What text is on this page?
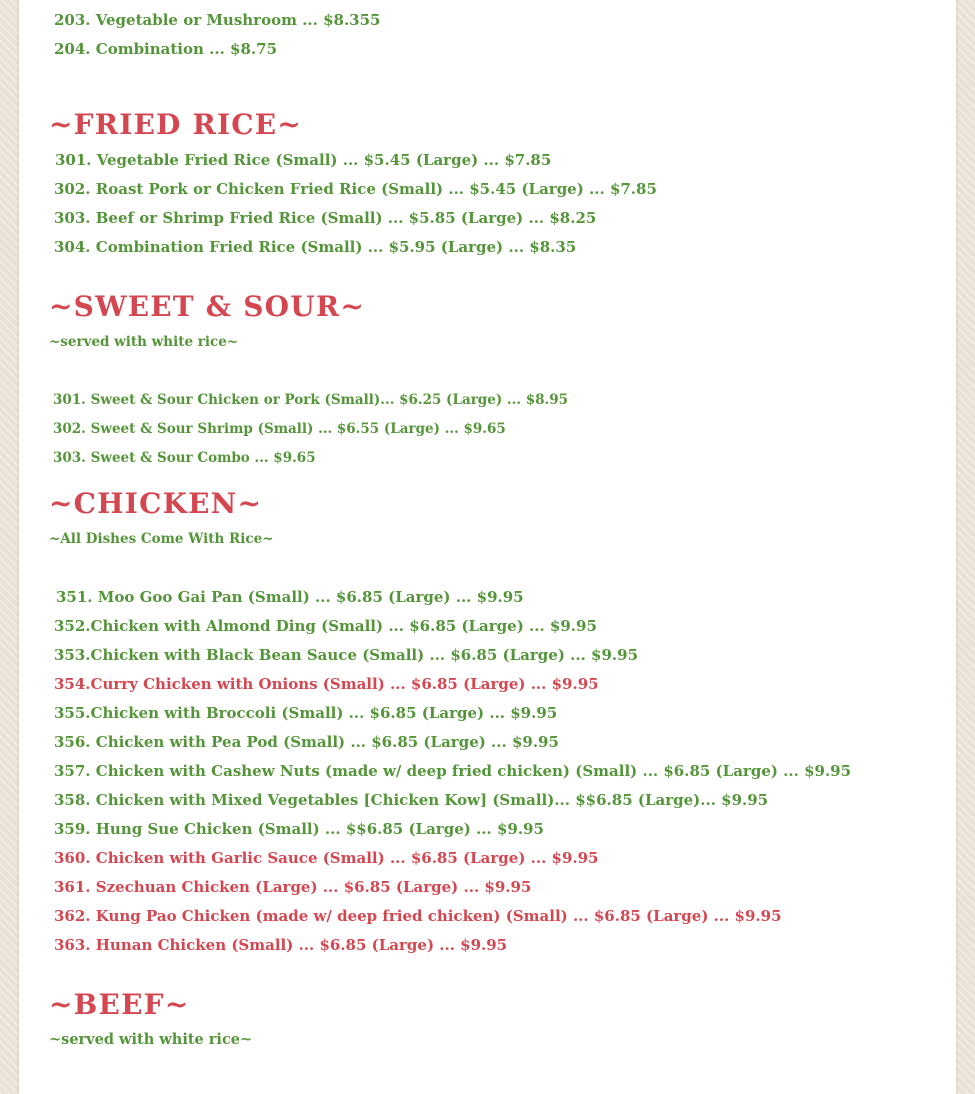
203. Vegetable or Mushroom ... $8.355
204. Combination ... $8.75
~FRIED RICE~
301. Vegetable Fried Rice (Small) ... $5.45 (Large) ... $7.85
302. Roast Pork or Chicken Fried Rice (Small) ... $5.45 (Large) ... $7.85
303. Beef or Shrimp Fried Rice (Small) ... $5.85 (Large) ... $8.25
304. Combination Fried Rice (Small) ... $5.95 (Large) ... $8.35
~SWEET & SOUR~
~served with white rice~
301. Sweet & Sour Chicken or Pork (Small)... $6.25 (Large) ... $8.95
302. Sweet & Sour Shrimp (Small) ... $6.55 (Large) ... $9.65
303. Sweet & Sour Combo ... $9.65
~CHICKEN~
~All Dishes Come With Rice~
351. Moo Goo Gai Pan (Small) ... $6.85 (Large) ... $9.95
352.Chicken with Almond Ding (Small) ... $6.85 (Large) ... $9.95
353.Chicken with Black Bean Sauce (Small) ... $6.85 (Large) ... $9.95
354.Curry Chicken with Onions (Small) ... $6.85 (Large) ... $9.95
355.Chicken with Broccoli (Small) ... $6.85 (Large) ... $9.95
356. Chicken with Pea Pod (Small) ... $6.85 (Large) ... $9.95
357. Chicken with Cashew Nuts (made w/ deep fried chicken) (Small) ... $6.85 (Large) ... $9.95
358. Chicken with Mixed Vegetables [Chicken Kow] (Small)... $$6.85 (Large)... $9.95
359. Hung Sue Chicken (Small) ... $$6.85 (Large) ... $9.95
360. Chicken with Garlic Sauce (Small) ... $6.85 (Large) ... $9.95
361. Szechuan Chicken (Large) ... $6.85 (Large) ... $9.95
362. Kung Pao Chicken (made w/ deep fried chicken) (Small) ... $6.85 (Large) ... $9.95
363. Hunan Chicken (Small) ... $6.85 (Large) ... $9.95
~BEEF~
~served with white rice~
